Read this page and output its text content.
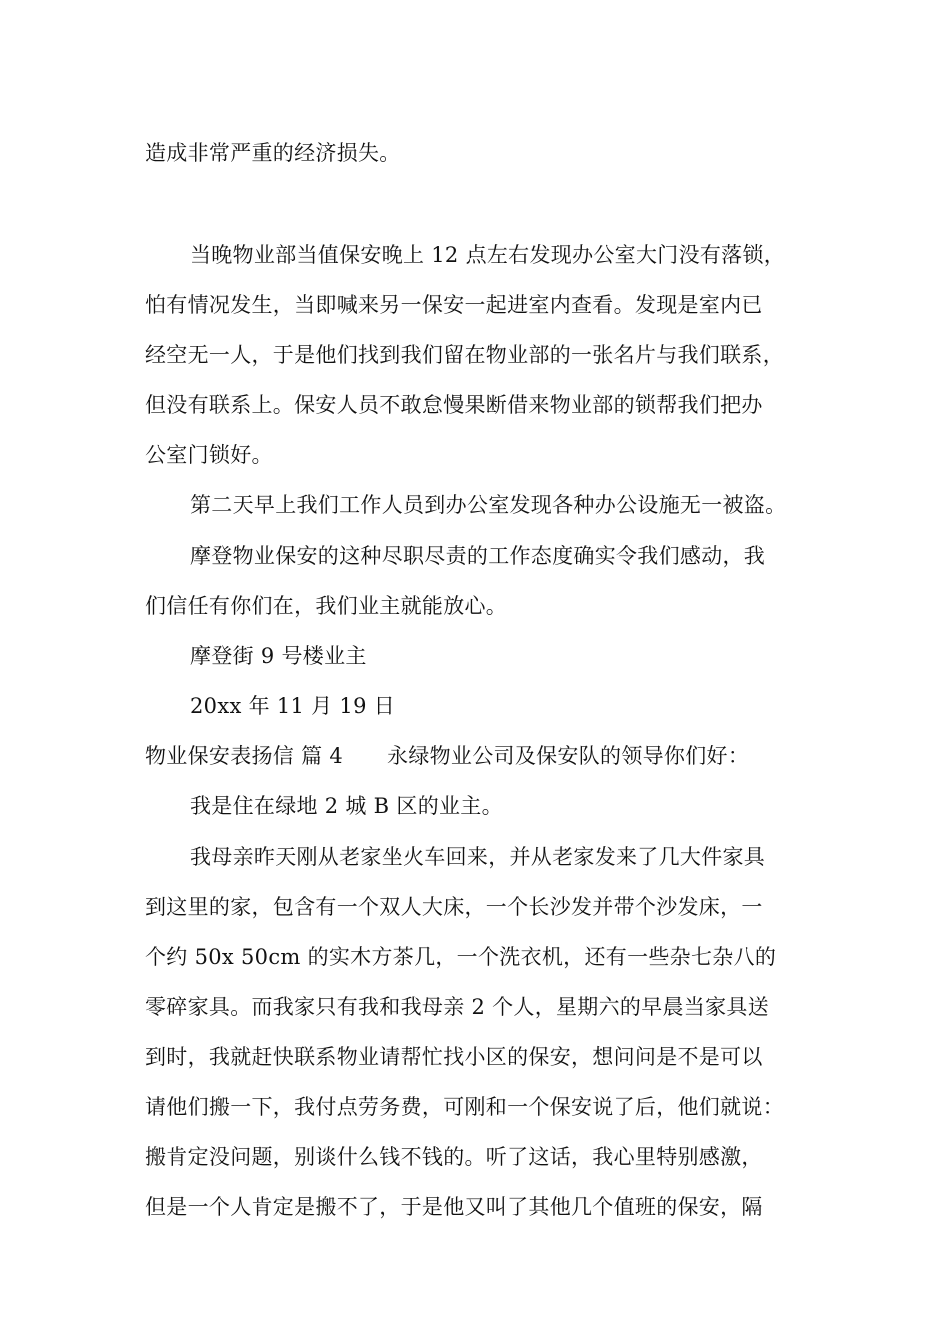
造成非常严重的经济损失。
当晚物业部当值保安晚上 12 点左右发现办公室大门没有落锁，
怕有情况发生，当即喊来另一保安一起进室内查看。发现是室内已
经空无一人，于是他们找到我们留在物业部的一张名片与我们联系，
但没有联系上。保安人员不敢怠慢果断借来物业部的锁帮我们把办
公室门锁好。
第二天早上我们工作人员到办公室发现各种办公设施无一被盗。
摩登物业保安的这种尽职尽责的工作态度确实令我们感动，我
们信任有你们在，我们业主就能放心。
摩登街 9 号楼业主
20xx 年 11 月 19 日
物业保安表扬信 篇 4 永绿物业公司及保安队的领导你们好：
我是住在绿地 2 城 B 区的业主。
我母亲昨天刚从老家坐火车回来，并从老家发来了几大件家具
到这里的家，包含有一个双人大床，一个长沙发并带个沙发床，一
个约 50x 50cm 的实木方茶几，一个洗衣机，还有一些杂七杂八的
零碎家具。而我家只有我和我母亲 2 个人，星期六的早晨当家具送
到时，我就赶快联系物业请帮忙找小区的保安，想问问是不是可以
请他们搬一下，我付点劳务费，可刚和一个保安说了后，他们就说：
搬肯定没问题，别谈什么钱不钱的。听了这话，我心里特别感激，
但是一个人肯定是搬不了，于是他又叫了其他几个值班的保安，隔
